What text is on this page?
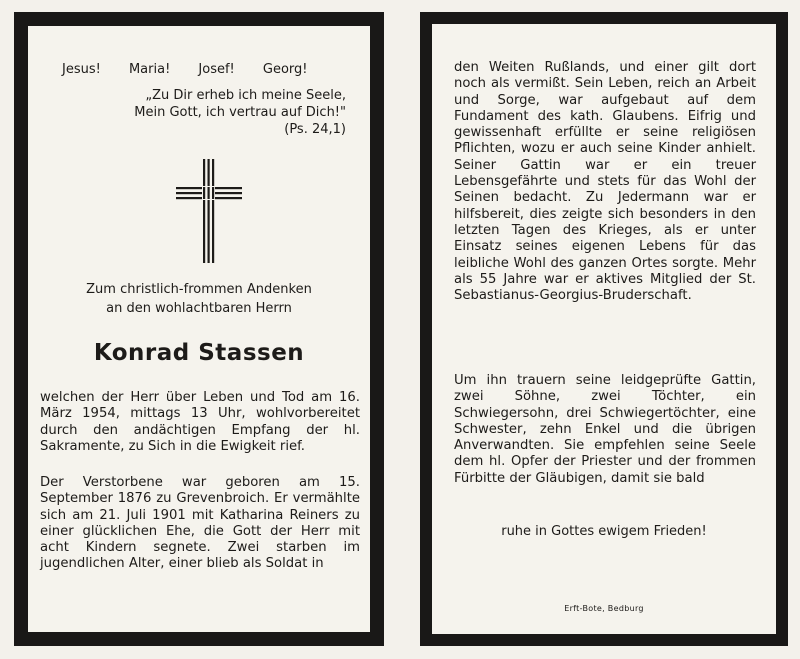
Jesus! Maria! Josef! Georg!
„Zu Dir erheb ich meine Seele,
Mein Gott, ich vertrau auf Dich!"
(Ps. 24,1)
Zum christlich-frommen Andenken
an den wohlachtbaren Herrn
Konrad Stassen
welchen der Herr über Leben und Tod am 16. März 1954, mittags 13 Uhr, wohlvorbereitet durch den andächtigen Empfang der hl. Sakramente, zu Sich in die Ewigkeit rief.
Der Verstorbene war geboren am 15. September 1876 zu Grevenbroich. Er vermählte sich am 21. Juli 1901 mit Katharina Reiners zu einer glücklichen Ehe, die Gott der Herr mit acht Kindern segnete. Zwei starben im jugendlichen Alter, einer blieb als Soldat in
den Weiten Rußlands, und einer gilt dort noch als vermißt. Sein Leben, reich an Arbeit und Sorge, war aufgebaut auf dem Fundament des kath. Glaubens. Eifrig und gewissenhaft erfüllte er seine religiösen Pflichten, wozu er auch seine Kinder anhielt. Seiner Gattin war er ein treuer Lebensgefährte und stets für das Wohl der Seinen bedacht. Zu Jedermann war er hilfsbereit, dies zeigte sich besonders in den letzten Tagen des Krieges, als er unter Einsatz seines eigenen Lebens für das leibliche Wohl des ganzen Ortes sorgte. Mehr als 55 Jahre war er aktives Mitglied der St. Sebastianus-Georgius-Bruderschaft.
Um ihn trauern seine leidgeprüfte Gattin, zwei Söhne, zwei Töchter, ein Schwiegersohn, drei Schwiegertöchter, eine Schwester, zehn Enkel und die übrigen Anverwandten. Sie empfehlen seine Seele dem hl. Opfer der Priester und der frommen Fürbitte der Gläubigen, damit sie bald
ruhe in Gottes ewigem Frieden!
Erft-Bote, Bedburg
